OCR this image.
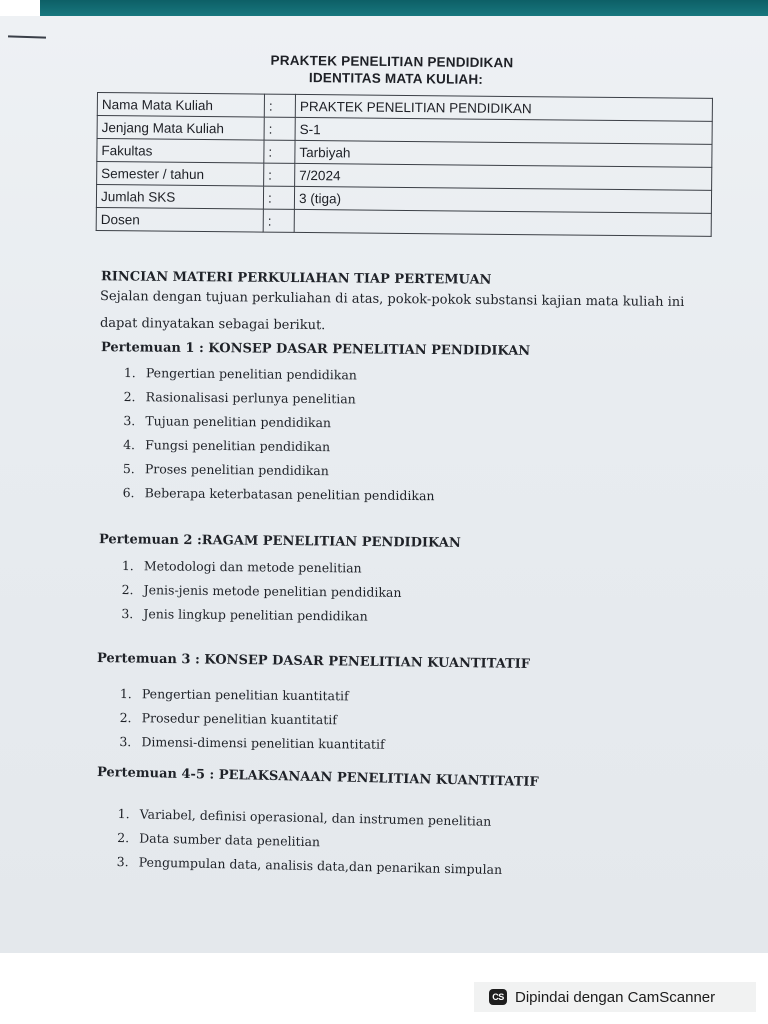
PRAKTEK PENELITIAN PENDIDIKAN
IDENTITAS MATA KULIAH:
Nama Mata Kuliah	:	PRAKTEK PENELITIAN PENDIDIKAN
Jenjang Mata Kuliah	:	S-1
Fakultas	:	Tarbiyah
Semester / tahun	:	7/2024
Jumlah SKS	:	3 (tiga)
Dosen	:	
RINCIAN MATERI PERKULIAHAN TIAP PERTEMUAN
Sejalan dengan tujuan perkuliahan di atas, pokok-pokok substansi kajian mata kuliah ini
dapat dinyatakan sebagai berikut.
Pertemuan 1 : KONSEP DASAR PENELITIAN PENDIDIKAN
1. Pengertian penelitian pendidikan
2. Rasionalisasi perlunya penelitian
3. Tujuan penelitian pendidikan
4. Fungsi penelitian pendidikan
5. Proses penelitian pendidikan
6. Beberapa keterbatasan penelitian pendidikan
Pertemuan 2 :RAGAM PENELITIAN PENDIDIKAN
1. Metodologi dan metode penelitian
2. Jenis-jenis metode penelitian pendidikan
3. Jenis lingkup penelitian pendidikan
Pertemuan 3 : KONSEP DASAR PENELITIAN KUANTITATIF
1. Pengertian penelitian kuantitatif
2. Prosedur penelitian kuantitatif
3. Dimensi-dimensi penelitian kuantitatif
Pertemuan 4-5 : PELAKSANAAN PENELITIAN KUANTITATIF
1. Variabel, definisi operasional, dan instrumen penelitian
2. Data sumber data penelitian
3. Pengumpulan data, analisis data,dan penarikan simpulan
CS Dipindai dengan CamScanner
